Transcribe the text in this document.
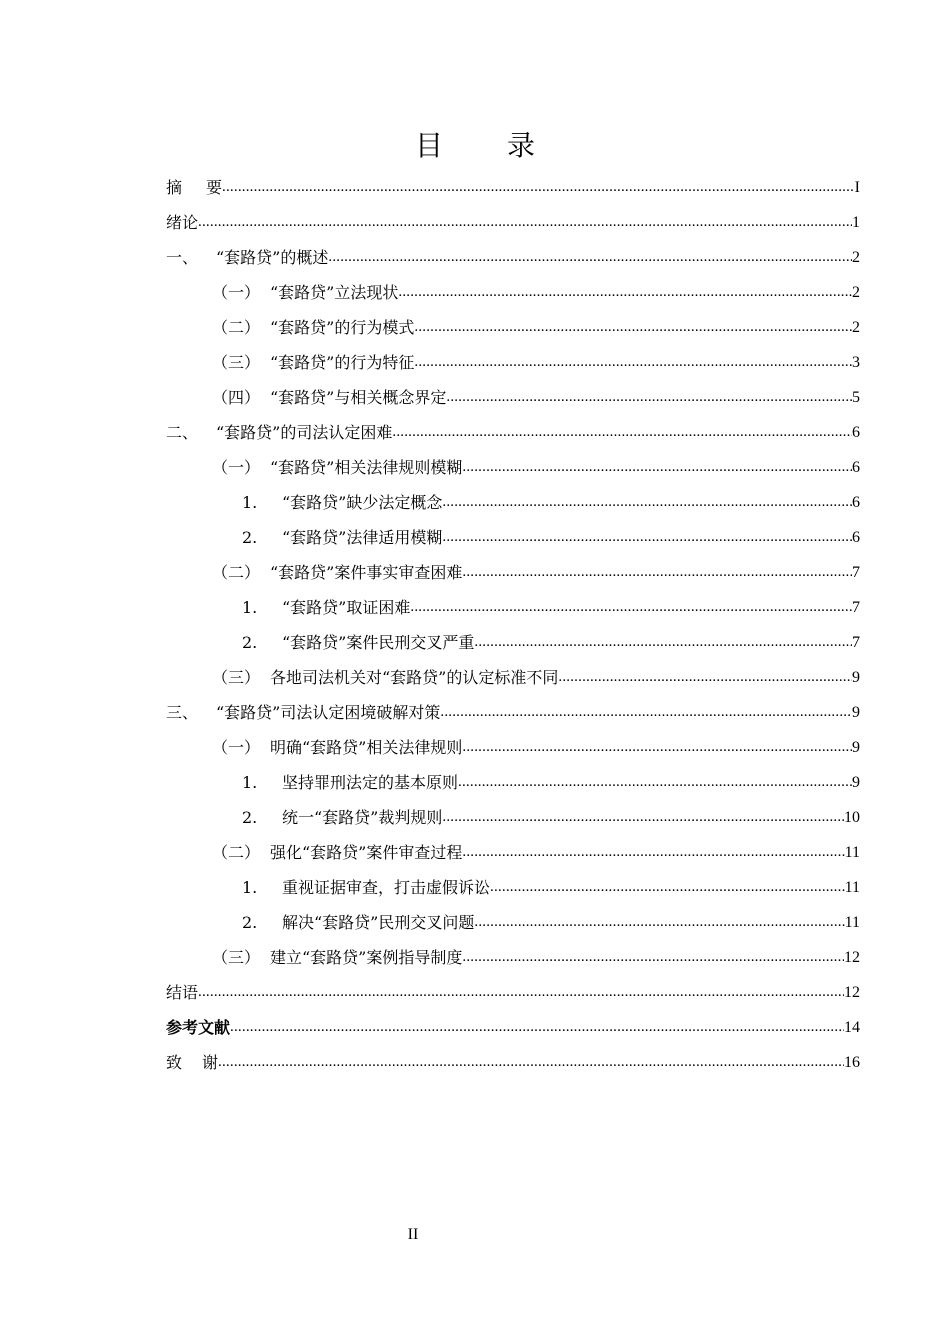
目 录
摘 要 .....	I
绪论 .....	1
一、	“套路贷”的概述 .....	2
（一） “套路贷”立法现状 .....	2
（二） “套路贷”的行为模式 .....	2
（三） “套路贷”的行为特征 .....	3
（四） “套路贷”与相关概念界定 .....	5
二、	“套路贷”的司法认定困难 .....	6
（一） “套路贷”相关法律规则模糊 .....	6
1.	“套路贷”缺少法定概念 .....	6
2.	“套路贷”法律适用模糊 .....	6
（二） “套路贷”案件事实审查困难 .....	7
1.	“套路贷”取证困难 .....	7
2.	“套路贷”案件民刑交叉严重 .....	7
（三） 各地司法机关对“套路贷”的认定标准不同 .....	9
三、	“套路贷”司法认定困境破解对策 .....	9
（一） 明确“套路贷”相关法律规则 .....	9
1.	坚持罪刑法定的基本原则 .....	9
2.	统一“套路贷”裁判规则 .....	10
（二） 强化“套路贷”案件审查过程 .....	11
1.	重视证据审查，打击虚假诉讼 .....	11
2.	解决“套路贷”民刑交叉问题 .....	11
（三） 建立“套路贷”案例指导制度 .....	12
结语 .....	12
参考文献 .....	14
致 谢 .....	16
II
